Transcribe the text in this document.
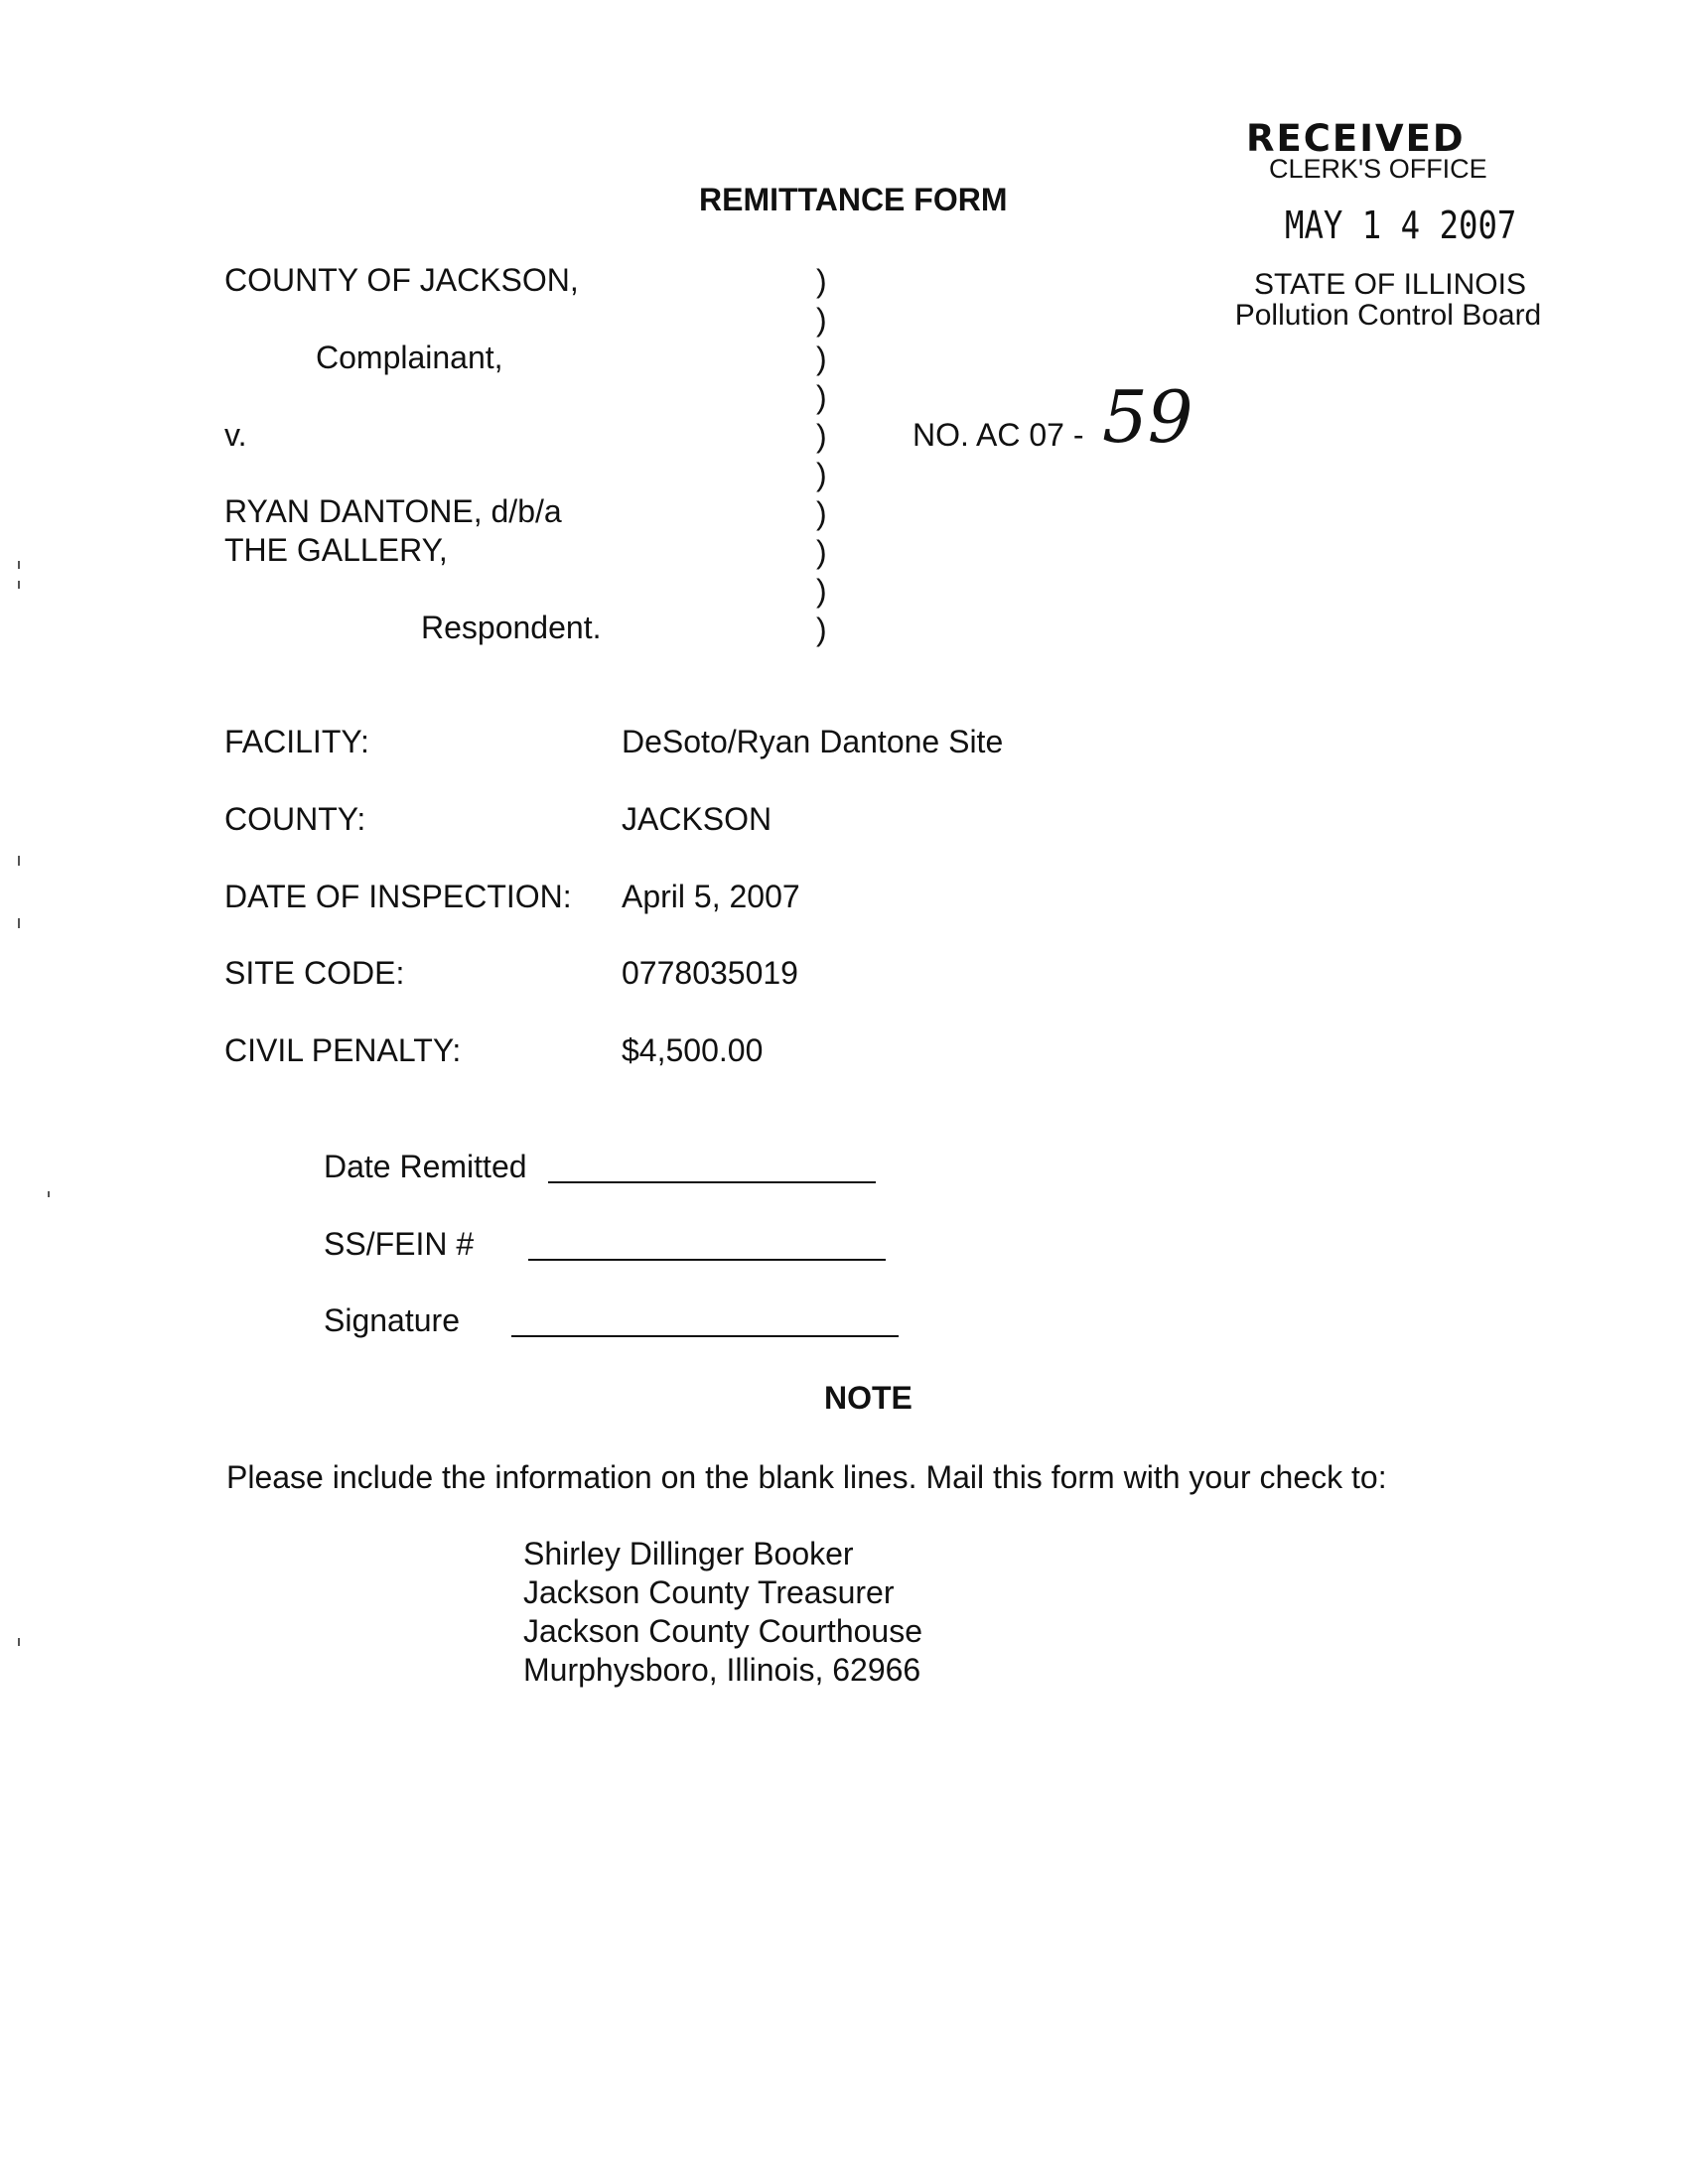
RECEIVED
CLERK'S OFFICE
MAY 1 4 2007
STATE OF ILLINOIS
Pollution Control Board
REMITTANCE FORM
COUNTY OF JACKSON,
Complainant,
v.
RYAN DANTONE, d/b/a
THE GALLERY,
Respondent.
)
)
)
)
)
)
)
)
)
)
NO. AC 07 - 59
FACILITY:	DeSoto/Ryan Dantone Site
COUNTY:	JACKSON
DATE OF INSPECTION: April 5, 2007
SITE CODE:	0778035019
CIVIL PENALTY:	$4,500.00
Date Remitted
SS/FEIN #
Signature
NOTE
Please include the information on the blank lines. Mail this form with your check to:
Shirley Dillinger Booker
Jackson County Treasurer
Jackson County Courthouse
Murphysboro, Illinois, 62966
